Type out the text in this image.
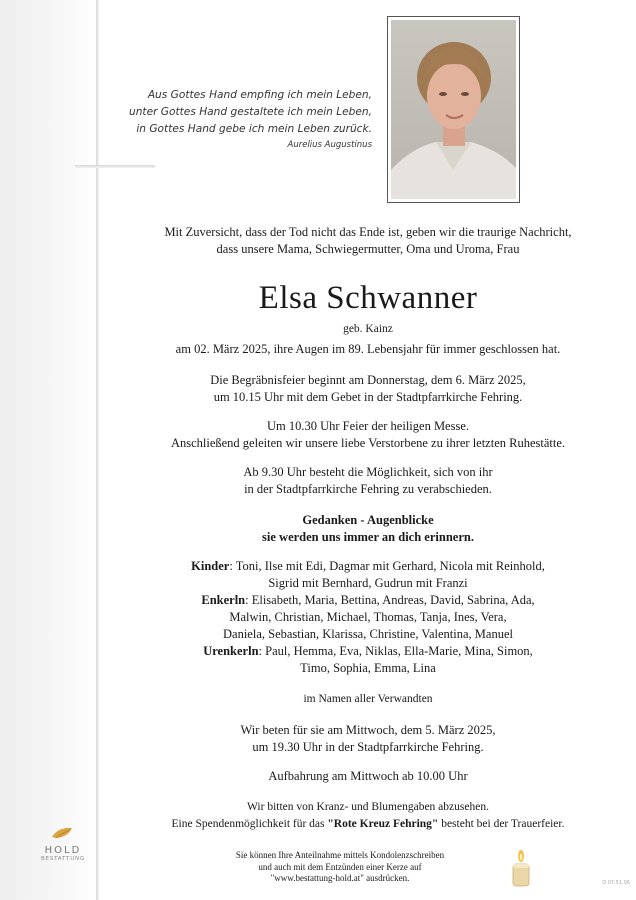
Aus Gottes Hand empfing ich mein Leben,
unter Gottes Hand gestaltete ich mein Leben,
in Gottes Hand gebe ich mein Leben zurück.
Aurelius Augustinus

Mit Zuversicht, dass der Tod nicht das Ende ist, geben wir die traurige Nachricht,

dass unsere Mama, Schwiegermutter, Oma und Uroma, Frau

Elsa Schwanner

geb. Kainz

am 02. März 2025, ihre Augen im 89. Lebensjahr für immer geschlossen hat.

Die Begräbnisfeier beginnt am Donnerstag, dem 6. März 2025,

um 10.15 Uhr mit dem Gebet in der Stadtpfarrkirche Fehring.

Um 10.30 Uhr Feier der heiligen Messe.

Anschließend geleiten wir unsere liebe Verstorbene zu ihrer letzten Ruhestätte.

Ab 9.30 Uhr besteht die Möglichkeit, sich von ihr

in der Stadtpfarrkirche Fehring zu verabschieden.

Gedanken - Augenblicke

sie werden uns immer an dich erinnern.

Kinder: Toni, Ilse mit Edi, Dagmar mit Gerhard, Nicola mit Reinhold,

Sigrid mit Bernhard, Gudrun mit Franzi

Enkerln: Elisabeth, Maria, Bettina, Andreas, David, Sabrina, Ada,

Malwin, Christian, Michael, Thomas, Tanja, Ines, Vera,

Daniela, Sebastian, Klarissa, Christine, Valentina, Manuel

Urenkerln: Paul, Hemma, Eva, Niklas, Ella-Marie, Mina, Simon,

Timo, Sophia, Emma, Lina

im Namen aller Verwandten

Wir beten für sie am Mittwoch, dem 5. März 2025,

um 19.30 Uhr in der Stadtpfarrkirche Fehring.

Aufbahrung am Mittwoch ab 10.00 Uhr

Wir bitten von Kranz- und Blumengaben abzusehen.

Eine Spendenmöglichkeit für das "Rote Kreuz Fehring" besteht bei der Trauerfeier.

HOLD
BESTATTUNG	Sie können Ihre Anteilnahme mittels Kondolenzschreiben
und auch mit dem Entzünden einer Kerze auf
"www.bestattung-hold.at" ausdrücken.	D 07.51.06
